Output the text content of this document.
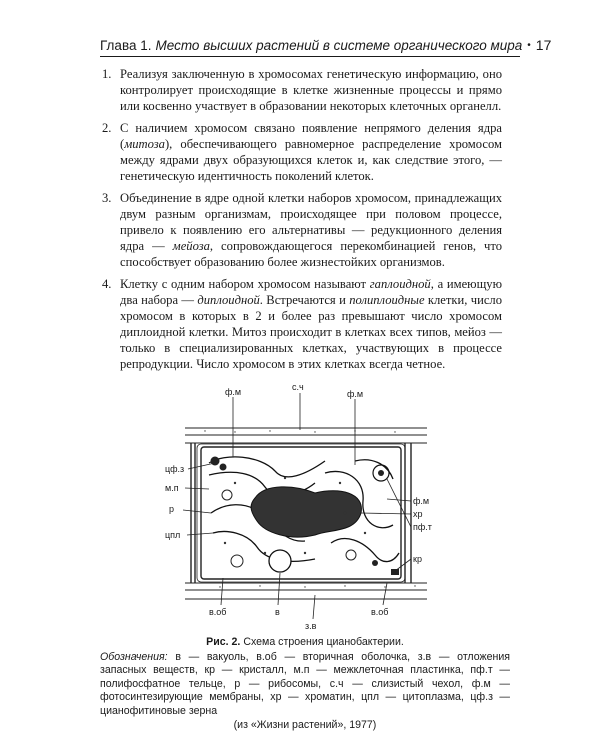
Глава 1. Место высших растений в системе органического мира • 17
1. Реализуя заключенную в хромосомах генетическую информацию, оно контролирует происходящие в клетке жизненные процессы и прямо или косвенно участвует в образовании некоторых клеточных органелл.
2. С наличием хромосом связано появление непрямого деления ядра (митоза), обеспечивающего равномерное распределение хромосом между ядрами двух образующихся клеток и, как следствие этого, — генетическую идентичность поколений клеток.
3. Объединение в ядре одной клетки наборов хромосом, принадлежащих двум разным организмам, происходящее при половом процессе, привело к появлению его альтернативы — редукционного деления ядра — мейоза, сопровождающегося перекомбинацией генов, что способствует образованию более жизнестойких организмов.
4. Клетку с одним набором хромосом называют гаплоидной, а имеющую два набора — диплоидной. Встречаются и полиплоидные клетки, число хромосом в которых в 2 и более раз превышают число хромосом диплоидной клетки. Митоз происходит в клетках всех типов, мейоз — только в специализированных клетках, участвующих в процессе репродукции. Число хромосом в этих клетках всегда четное.
ф.м	с.ч
ф.м
цф.з
м.п
р
цпл
ф.м
хр
пф.т
кр
в.об	в
з.в
в.об
Рис. 2. Схема строения цианобактерии.
Обозначения: в — вакуоль, в.об — вторичная оболочка, з.в — отложения запасных веществ, кр — кристалл, м.п — межклеточная пластинка, пф.т — полифосфатное тельце, р — рибосомы, с.ч — слизистый чехол, ф.м — фотосинтезирующие мембраны, хр — хроматин, цпл — цитоплазма, цф.з — цианофитиновые зерна
(из «Жизни растений», 1977)
